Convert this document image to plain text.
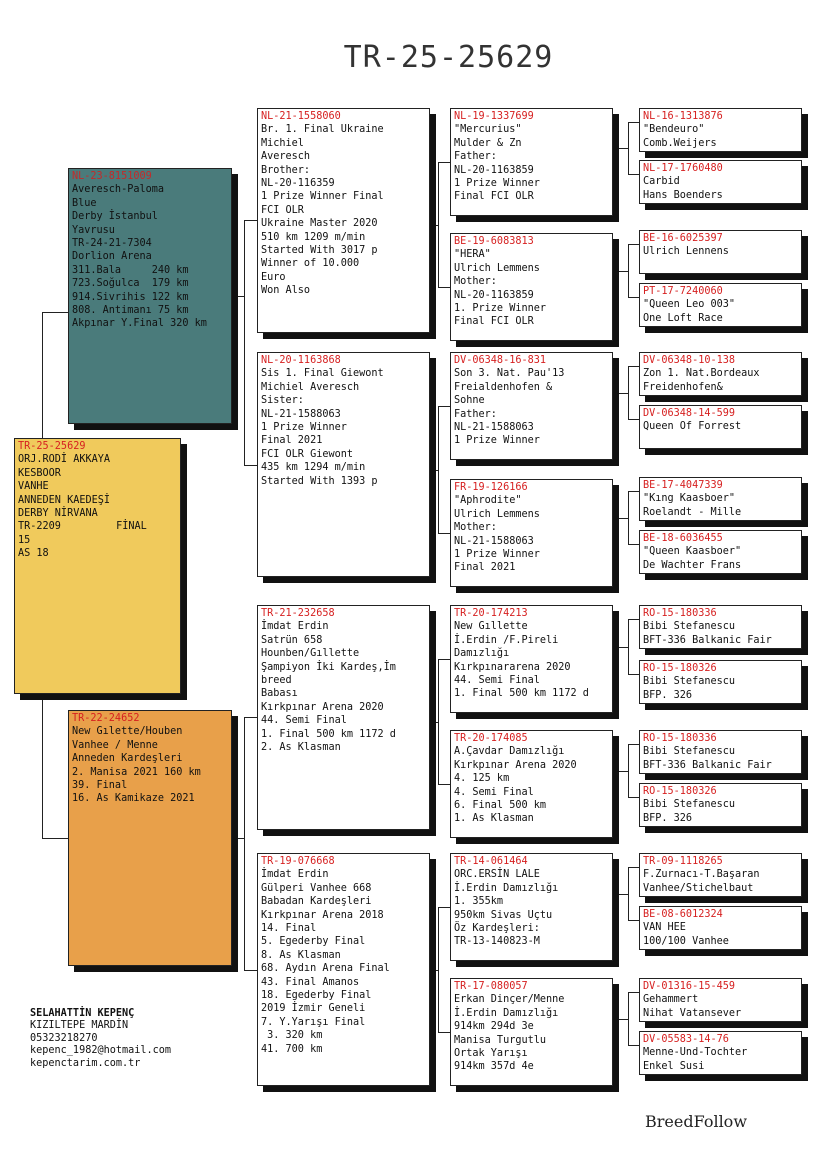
TR-25-25629
TR-25-25629
ORJ.RODİ AKKAYA
KESBOOR
VANHE
ANNEDEN KAEDEŞİ
DERBY NİRVANA
TR-2209         FİNAL
15
AS 18
NL-23-8151009
Averesch-Paloma
Blue
Derby İstanbul
Yavrusu
TR-24-21-7304
Dorlion Arena
311.Bala     240 km
723.Soğulca  179 km
914.Sivrihis 122 km
808. Antimanı 75 km
Akpınar Y.Final 320 km
TR-22-24652
New Gılette/Houben
Vanhee / Menne
Anneden Kardeşleri
2. Manisa 2021 160 km
39. Final
16. As Kamikaze 2021
NL-21-1558060
Br. 1. Final Ukraine
Michiel
Averesch
Brother:
NL-20-116359
1 Prize Winner Final
FCI OLR
Ukraine Master 2020
510 km 1209 m/min
Started With 3017 p
Winner of 10.000
Euro
Won Also
NL-20-1163868
Sis 1. Final Giewont
Michiel Averesch
Sister:
NL-21-1588063
1 Prize Winner
Final 2021
FCI OLR Giewont
435 km 1294 m/min
Started With 1393 p
TR-21-232658
İmdat Erdin
Satrün 658
Hounben/Gıllette
Şampiyon İki Kardeş,İm
breed
Babası
Kırkpınar Arena 2020
44. Semi Final
1. Final 500 km 1172 d
2. As Klasman
TR-19-076668
İmdat Erdin
Gülperi Vanhee 668
Babadan Kardeşleri
Kırkpınar Arena 2018
14. Final
5. Egederby Final
8. As Klasman
68. Aydın Arena Final
43. Final Amanos
18. Egederby Final
2019 İzmir Geneli
7. Y.Yarışı Final
3. 320 km
41. 700 km
NL-19-1337699
"Mercurius"
Mulder & Zn
Father:
NL-20-1163859
1 Prize Winner
Final FCI OLR
BE-19-6083813
"HERA"
Ulrich Lemmens
Mother:
NL-20-1163859
1. Prize Winner
Final FCI OLR
DV-06348-16-831
Son 3. Nat. Pau'13
Freialdenhofen &
Sohne
Father:
NL-21-1588063
1 Prize Winner
FR-19-126166
"Aphrodite"
Ulrich Lemmens
Mother:
NL-21-1588063
1 Prize Winner
Final 2021
TR-20-174213
New Gıllette
İ.Erdin /F.Pireli
Damızlığı
Kırkpınararena 2020
44. Semi Final
1. Final 500 km 1172 d
TR-20-174085
A.Çavdar Damızlığı
Kırkpınar Arena 2020
4. 125 km
4. Semi Final
6. Final 500 km
1. As Klasman
TR-14-061464
ORC.ERSİN LALE
İ.Erdin Damızlığı
1. 355km
950km Sivas Uçtu
Öz Kardeşleri:
TR-13-140823-M
TR-17-080057
Erkan Dinçer/Menne
İ.Erdin Damızlığı
914km 294d 3e
Manisa Turgutlu
Ortak Yarışı
914km 357d 4e
NL-16-1313876
"Bendeuro"
Comb.Weijers
NL-17-1760480
Carbid
Hans Boenders
BE-16-6025397
Ulrich Lennens
PT-17-7240060
"Queen Leo 003"
One Loft Race
DV-06348-10-138
Zon 1. Nat.Bordeaux
Freidenhofen&
DV-06348-14-599
Queen Of Forrest
BE-17-4047339
"Kıng Kaasboer"
Roelandt - Mille
BE-18-6036455
"Queen Kaasboer"
De Wachter Frans
RO-15-180336
Bibi Stefanescu
BFT-336 Balkanic Fair
RO-15-180326
Bibi Stefanescu
BFP. 326
RO-15-180336
Bibi Stefanescu
BFT-336 Balkanic Fair
RO-15-180326
Bibi Stefanescu
BFP. 326
TR-09-1118265
F.Zurnacı-T.Başaran
Vanhee/Stichelbaut
BE-08-6012324
VAN HEE
100/100 Vanhee
DV-01316-15-459
Gehammert
Nihat Vatansever
DV-05583-14-76
Menne-Und-Tochter
Enkel Susi
SELAHATTİN KEPENÇ
KIZILTEPE MARDİN
05323218270
kepenc_1982@hotmail.com
kepenctarim.com.tr
BreedFollow
